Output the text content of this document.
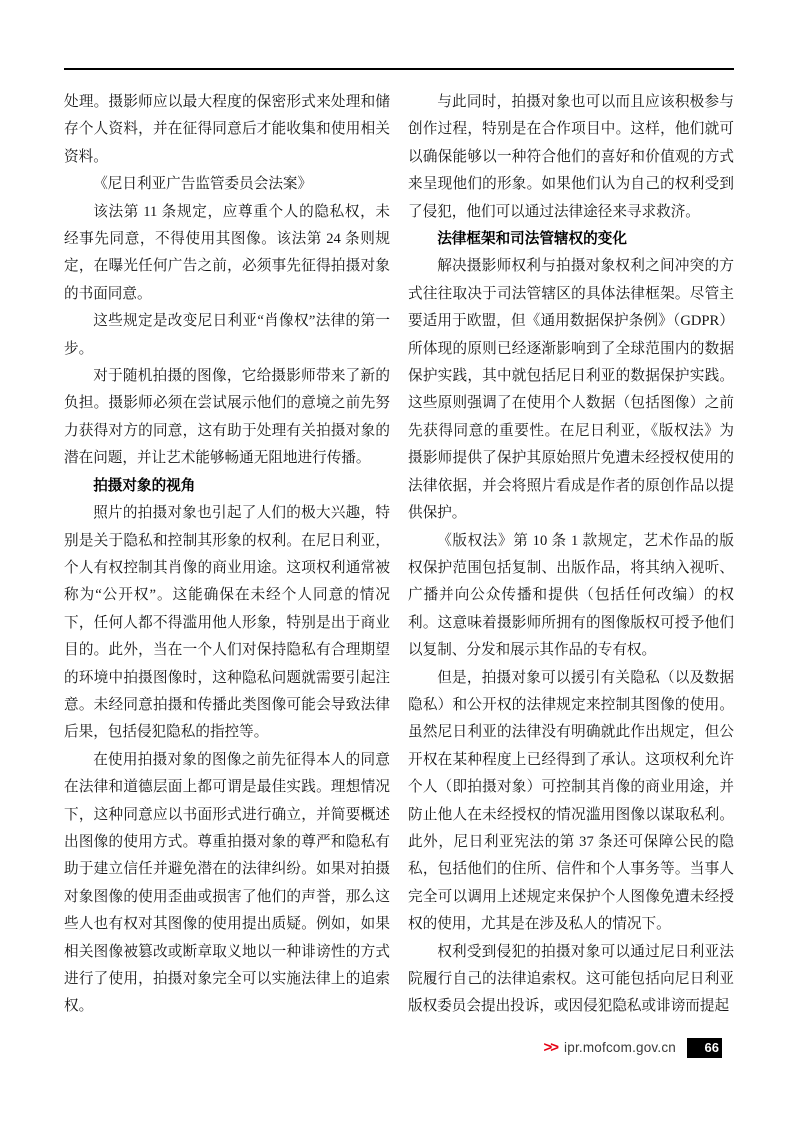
处理。摄影师应以最大程度的保密形式来处理和储存个人资料，并在征得同意后才能收集和使用相关资料。

《尼日利亚广告监管委员会法案》

该法第 11 条规定，应尊重个人的隐私权，未经事先同意，不得使用其图像。该法第 24 条则规定，在曝光任何广告之前，必须事先征得拍摄对象的书面同意。

这些规定是改变尼日利亚“肖像权”法律的第一步。

对于随机拍摄的图像，它给摄影师带来了新的负担。摄影师必须在尝试展示他们的意境之前先努力获得对方的同意，这有助于处理有关拍摄对象的潜在问题，并让艺术能够畅通无阻地进行传播。

拍摄对象的视角

照片的拍摄对象也引起了人们的极大兴趣，特别是关于隐私和控制其形象的权利。在尼日利亚，个人有权控制其肖像的商业用途。这项权利通常被称为“公开权”。这能确保在未经个人同意的情况下，任何人都不得滥用他人形象，特别是出于商业目的。此外，当在一个人们对保持隐私有合理期望的环境中拍摄图像时，这种隐私问题就需要引起注意。未经同意拍摄和传播此类图像可能会导致法律后果，包括侵犯隐私的指控等。

在使用拍摄对象的图像之前先征得本人的同意在法律和道德层面上都可谓是最佳实践。理想情况下，这种同意应以书面形式进行确立，并简要概述出图像的使用方式。尊重拍摄对象的尊严和隐私有助于建立信任并避免潜在的法律纠纷。如果对拍摄对象图像的使用歪曲或损害了他们的声誉，那么这些人也有权对其图像的使用提出质疑。例如，如果相关图像被篡改或断章取义地以一种诽谤性的方式进行了使用，拍摄对象完全可以实施法律上的追索权。

与此同时，拍摄对象也可以而且应该积极参与创作过程，特别是在合作项目中。这样，他们就可以确保能够以一种符合他们的喜好和价值观的方式来呈现他们的形象。如果他们认为自己的权利受到了侵犯，他们可以通过法律途径来寻求救济。

法律框架和司法管辖权的变化

解决摄影师权利与拍摄对象权利之间冲突的方式往往取决于司法管辖区的具体法律框架。尽管主要适用于欧盟，但《通用数据保护条例》（GDPR）所体现的原则已经逐渐影响到了全球范围内的数据保护实践，其中就包括尼日利亚的数据保护实践。这些原则强调了在使用个人数据（包括图像）之前先获得同意的重要性。在尼日利亚，《版权法》为摄影师提供了保护其原始照片免遭未经授权使用的法律依据，并会将照片看成是作者的原创作品以提供保护。

《版权法》第 10 条 1 款规定，艺术作品的版权保护范围包括复制、出版作品，将其纳入视听、广播并向公众传播和提供（包括任何改编）的权利。这意味着摄影师所拥有的图像版权可授予他们以复制、分发和展示其作品的专有权。

但是，拍摄对象可以援引有关隐私（以及数据隐私）和公开权的法律规定来控制其图像的使用。虽然尼日利亚的法律没有明确就此作出规定，但公开权在某种程度上已经得到了承认。这项权利允许个人（即拍摄对象）可控制其肖像的商业用途，并防止他人在未经授权的情况滥用图像以谋取私利。此外，尼日利亚宪法的第 37 条还可保障公民的隐私，包括他们的住所、信件和个人事务等。当事人完全可以调用上述规定来保护个人图像免遭未经授权的使用，尤其是在涉及私人的情况下。

权利受到侵犯的拍摄对象可以通过尼日利亚法院履行自己的法律追索权。这可能包括向尼日利亚版权委员会提出投诉，或因侵犯隐私或诽谤而提起

>> ipr.mofcom.gov.cn	66
